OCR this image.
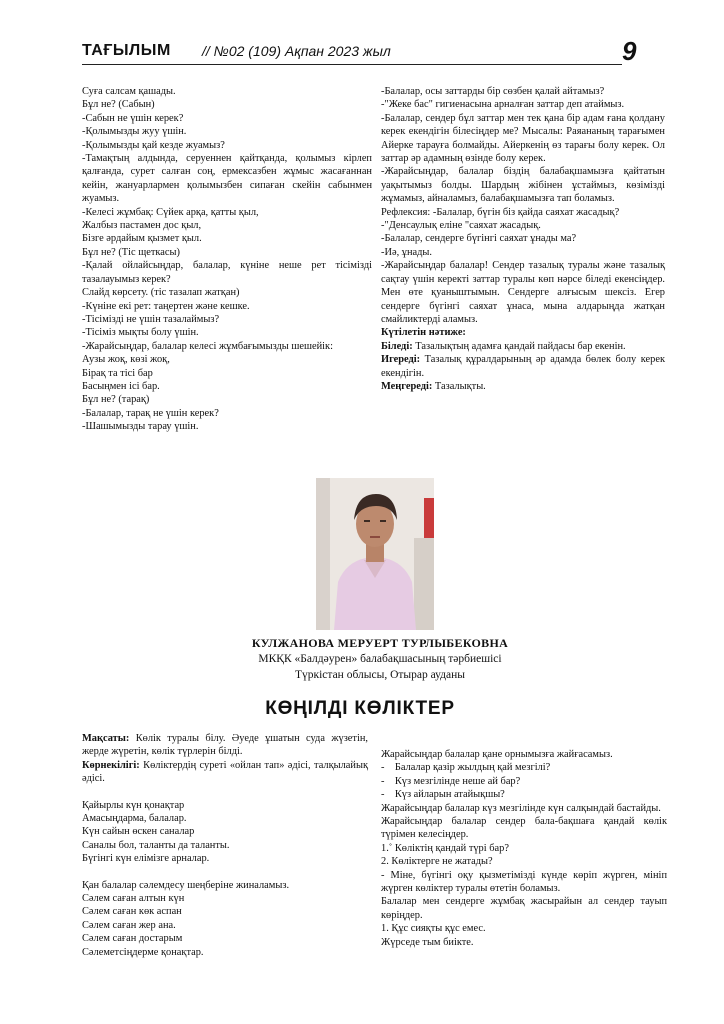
ТАҒЫЛЫМ // №02 (109) Ақпан 2023 жыл	9

Суға салсам қашады.

Бұл не? (Сабын)

-Сабын не үшін керек?

-Қолымызды жуу үшін.

-Қолымызды қай кезде жуамыз?

-Тамақтың алдында, серуеннен қайтқанда, қолымыз кірлеп қалғанда, сурет салған соң, ермексазбен жұмыс жасағаннан кейін, жануарлармен қолымызбен сипаған скейін сабынмен жуамыз.

-Келесі жұмбақ: Сүйек арқа, қатты қыл,

Жалбыз пастамен дос қыл,

Бізге әрдайым қызмет қыл.

Бұл не? (Тіс щеткасы)

-Қалай ойлайсыңдар, балалар, күніне неше рет тісімізді тазалауымыз керек?

Слайд көрсету. (тіс тазалап жатқан)

-Күніне екі рет: таңертен және кешке.

-Тісімізді не үшін тазалаймыз?

-Тісіміз мықты болу үшін.

-Жарайсыңдар, балалар келесі жұмбағымызды шешейік:

Аузы жоқ, көзі жоқ,

Бірақ та тісі бар

Басыңмен ісі бар.

Бұл не? (тарақ)

-Балалар, тарақ не үшін керек?

-Шашымызды тарау үшін.

-Балалар, осы заттарды бір сөзбен қалай айтамыз?

-"Жеке бас" гигиенасына арналған заттар деп атаймыз.

-Балалар, сендер бұл заттар мен тек қана бір адам ғана қолдану керек екендігін білесіңдер ме? Мысалы: Раяананың тарағымен Айерке тарауға болмайды. Айеркенің өз тарағы болу керек. Ол заттар әр адамның өзінде болу керек.

-Жарайсыңдар, балалар біздің балабақшамызға қайтатын уақытымыз болды. Шардың жібінен ұстаймыз, көзімізді жұмамыз, айналамыз, балабақшамызға тап боламыз.

Рефлексия: -Балалар, бүгін біз қайда саяхат жасадық?

-"Денсаулық еліне "саяхат жасадық.

-Балалар, сендерге бүгінгі саяхат ұнады ма?

-Иә, ұнады.

-Жарайсыңдар балалар! Сендер тазалық туралы және тазалық сақтау үшін керекті заттар туралы көп нәрсе біледі екенсіңдер. Мен өте қуаныштымын. Сендерге алғысым шексіз. Егер сендерге бүгінгі саяхат ұнаса, мына алдарыңда жатқан смайликтерді аламыз.

Күтілетін нәтиже:

Біледі: Тазалықтың адамға қандай пайдасы бар екенін.

Игереді: Тазалық құралдарының әр адамда бөлек болу керек екендігін.

Меңгереді: Тазалықты.

КУЛЖАНОВА МЕРУЕРТ ТУРЛЫБЕКОВНА
МКҚК «Балдәурен» балабақшасының тәрбиешісі
Түркістан облысы, Отырар ауданы
КӨҢІЛДІ КӨЛІКТЕР

Мақсаты: Көлік туралы білу. Әуеде ұшатын суда жүзетін, жерде жүретін, көлік түрлерін білді.

Көрнекілігі: Көліктердің суреті «ойлан тап» әдісі, талқылайық әдісі.

Қайырлы күн қонақтар

Амасыңдарма, балалар.

Күн сайын өскен саналар

Саналы бол, таланты да таланты.

Бүгінгі күн елімізге арналар.

Қан балалар сәлемдесу шеңберіне жиналамыз.

Сәлем саған алтын күн

Сәлем саған көк аспан

Сәлем саған жер ана.

Сәлем саған достарым

Сәлеметсіңдерме қонақтар.

Жарайсыңдар балалар қане орнымызға жайғасамыз.

-    Балалар қазір жылдың қай мезгілі?

-    Күз мезгілінде неше ай бар?

-    Күз айларын атайықшы?

Жарайсыңдар балалар күз мезгілінде күн салқындай бастайды.

Жарайсыңдар балалар сендер бала-бақшаға қандай көлік түрімен келесіңдер.

1.˚ Көліктің қандай түрі бар?

2. Көліктерге не жатады?

- Міне, бүгінгі оқу қызметімізді күнде көріп жүрген, мініп жүрген көліктер туралы өтетін боламыз.

Балалар мен сендерге жұмбақ жасырайын ал сендер тауып көріңдер.

1. Құс сияқты құс емес.

Жүрседе тым биікте.
